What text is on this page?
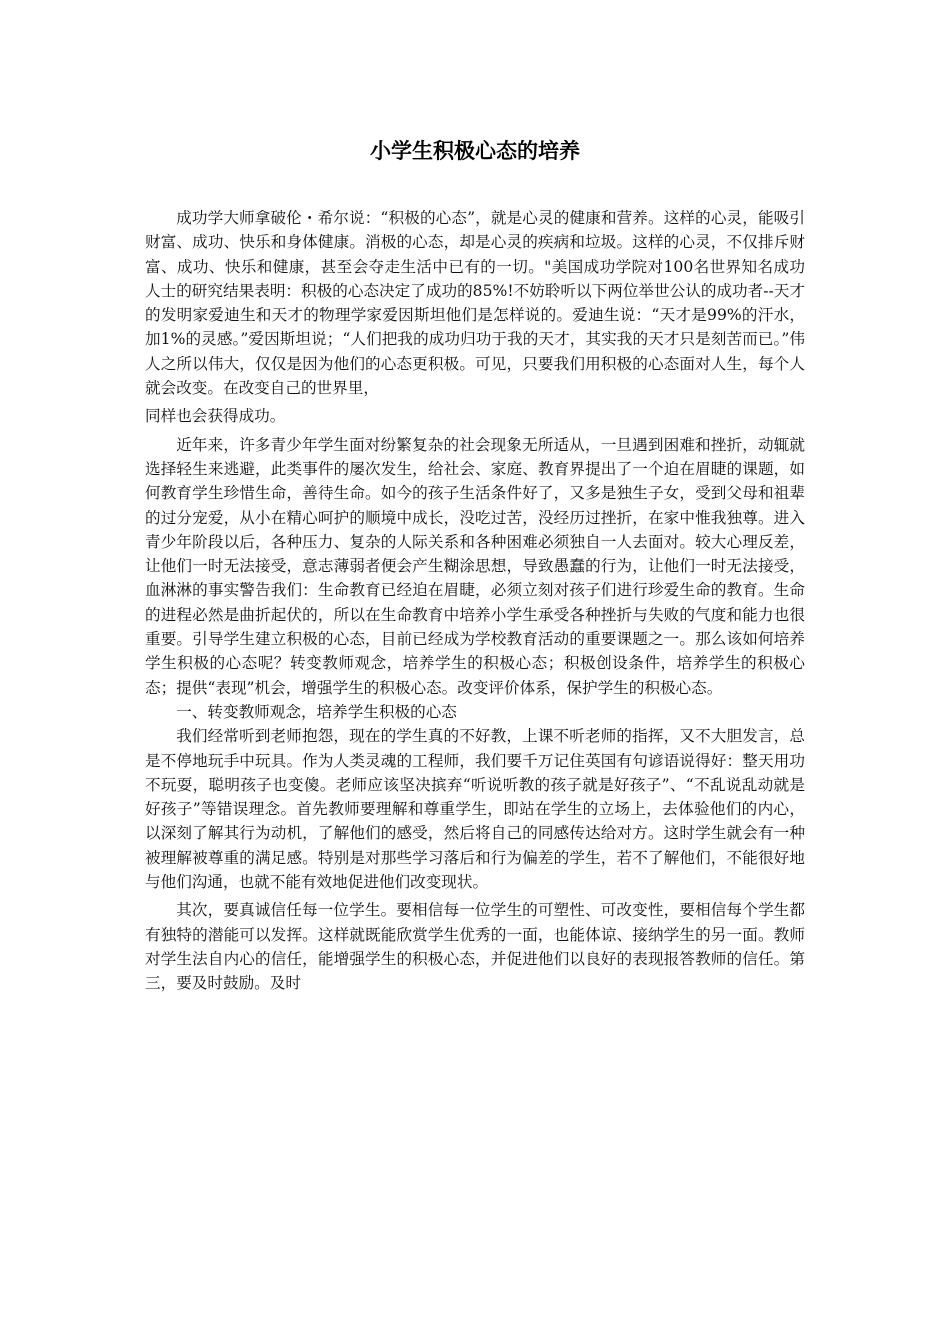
小学生积极心态的培养

成功学大师拿破伦・希尔说：“积极的心态”，就是心灵的健康和营养。这样的心灵，能吸引财富、成功、快乐和身体健康。消极的心态，却是心灵的疾病和垃圾。这样的心灵，不仅排斥财富、成功、快乐和健康，甚至会夺走生活中已有的一切。"美国成功学院对100名世界知名成功人士的研究结果表明：积极的心态决定了成功的85%!不妨聆听以下两位举世公认的成功者--天才的发明家爱迪生和天才的物理学家爱因斯坦他们是怎样说的。爱迪生说：“天才是99%的汗水，加1%的灵感。”爱因斯坦说；“人们把我的成功归功于我的天才，其实我的天才只是刻苦而已。”伟人之所以伟大，仅仅是因为他们的心态更积极。可见，只要我们用积极的心态面对人生，每个人就会改变。在改变自己的世界里，

同样也会获得成功。

近年来，许多青少年学生面对纷繁复杂的社会现象无所适从，一旦遇到困难和挫折，动辄就选择轻生来逃避，此类事件的屡次发生，给社会、家庭、教育界提出了一个迫在眉睫的课题，如何教育学生珍惜生命，善待生命。如今的孩子生活条件好了，又多是独生子女，受到父母和祖辈的过分宠爱，从小在精心呵护的顺境中成长，没吃过苦，没经历过挫折，在家中惟我独尊。进入青少年阶段以后，各种压力、复杂的人际关系和各种困难必须独自一人去面对。较大心理反差，让他们一时无法接受，意志薄弱者便会产生糊涂思想，导致愚蠢的行为，让他们一时无法接受，血淋淋的事实警告我们：生命教育已经迫在眉睫，必须立刻对孩子们进行珍爱生命的教育。生命的进程必然是曲折起伏的，所以在生命教育中培养小学生承受各种挫折与失败的气度和能力也很重要。引导学生建立积极的心态，目前已经成为学校教育活动的重要课题之一。那么该如何培养学生积极的心态呢？转变教师观念，培养学生的积极心态；积极创设条件，培养学生的积极心态；提供“表现”机会，增强学生的积极心态。改变评价体系，保护学生的积极心态。

一、转变教师观念，培养学生积极的心态

我们经常听到老师抱怨，现在的学生真的不好教，上课不听老师的指挥，又不大胆发言，总是不停地玩手中玩具。作为人类灵魂的工程师，我们要千万记住英国有句谚语说得好：整天用功不玩耍，聪明孩子也变傻。老师应该坚决摈弃“听说听教的孩子就是好孩子”、“不乱说乱动就是好孩子”等错误理念。首先教师要理解和尊重学生，即站在学生的立场上，去体验他们的内心，以深刻了解其行为动机，了解他们的感受，然后将自己的同感传达给对方。这时学生就会有一种被理解被尊重的满足感。特别是对那些学习落后和行为偏差的学生，若不了解他们，不能很好地与他们沟通，也就不能有效地促进他们改变现状。

其次，要真诚信任每一位学生。要相信每一位学生的可塑性、可改变性，要相信每个学生都有独特的潜能可以发挥。这样就既能欣赏学生优秀的一面，也能体谅、接纳学生的另一面。教师对学生法自内心的信任，能增强学生的积极心态，并促进他们以良好的表现报答教师的信任。第三，要及时鼓励。及时
